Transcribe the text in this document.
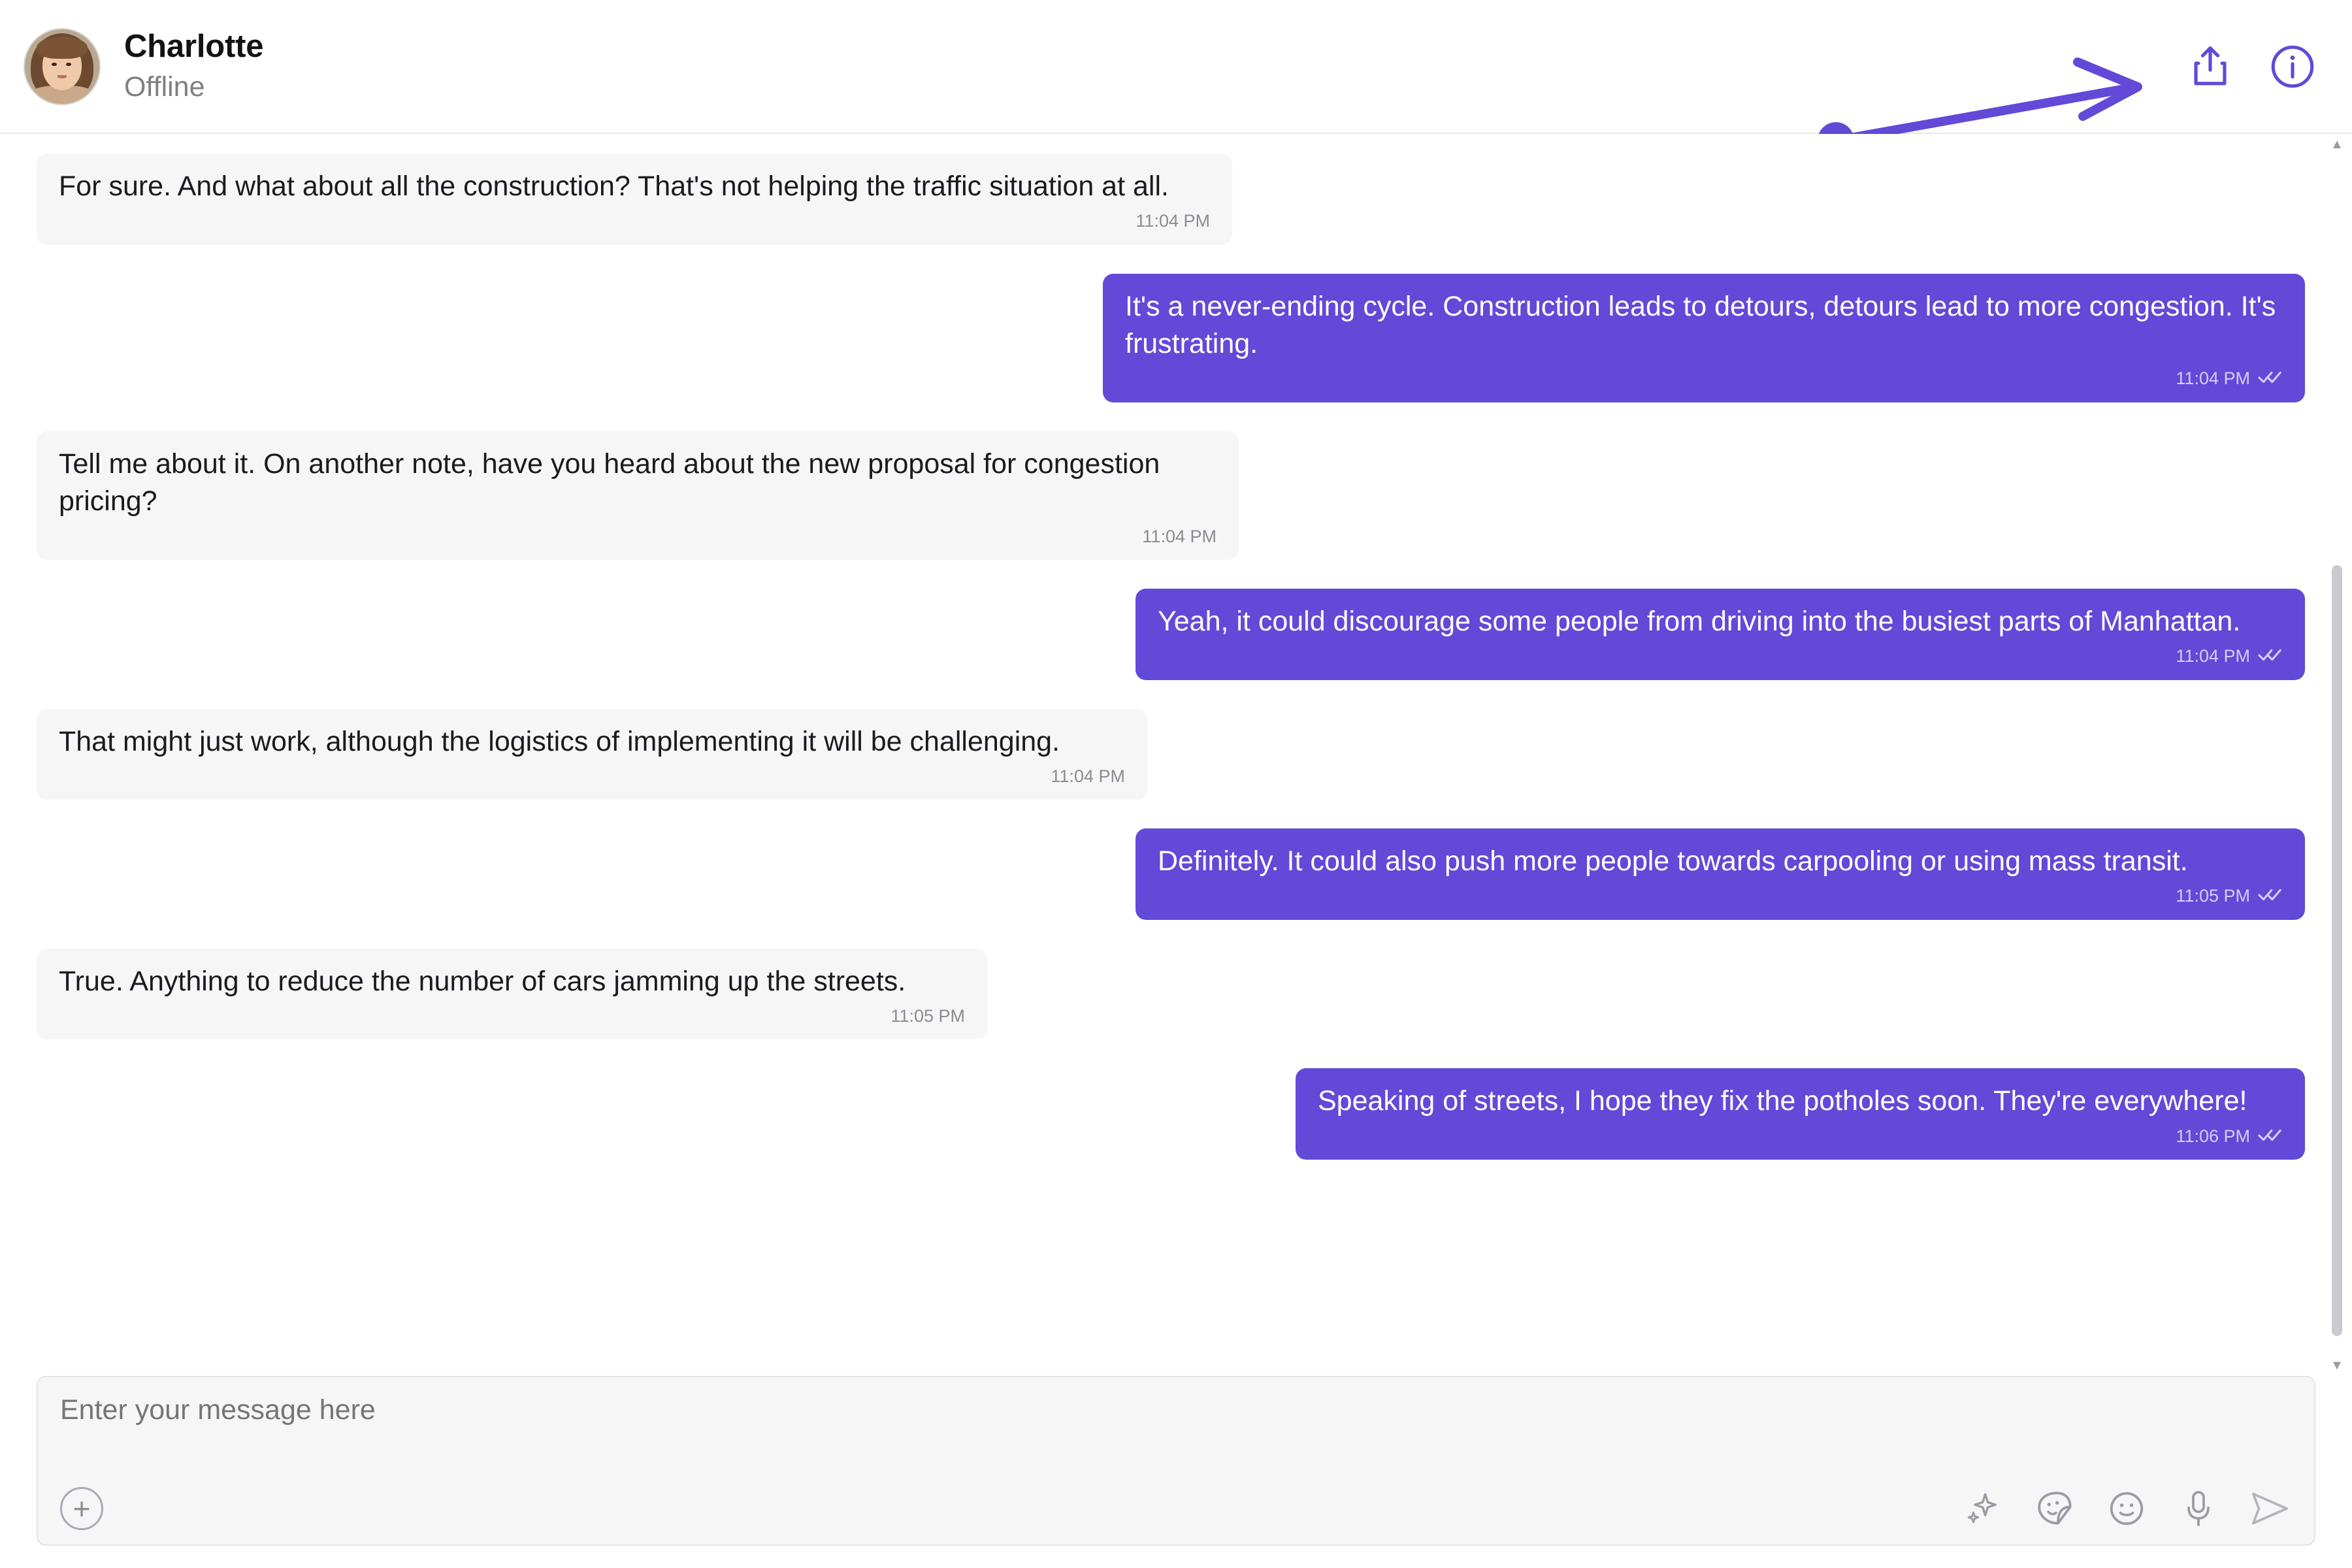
Charlotte
Offline
For sure. And what about all the construction? That's not helping the traffic situation at all.
11:04 PM
It's a never-ending cycle. Construction leads to detours, detours lead to more congestion. It's frustrating.
11:04 PM
Tell me about it. On another note, have you heard about the new proposal for congestion pricing?
11:04 PM
Yeah, it could discourage some people from driving into the busiest parts of Manhattan.
11:04 PM
That might just work, although the logistics of implementing it will be challenging.
11:04 PM
Definitely. It could also push more people towards carpooling or using mass transit.
11:05 PM
True. Anything to reduce the number of cars jamming up the streets.
11:05 PM
Speaking of streets, I hope they fix the potholes soon. They're everywhere!
11:06 PM
▲
▼
Enter your message here
+
